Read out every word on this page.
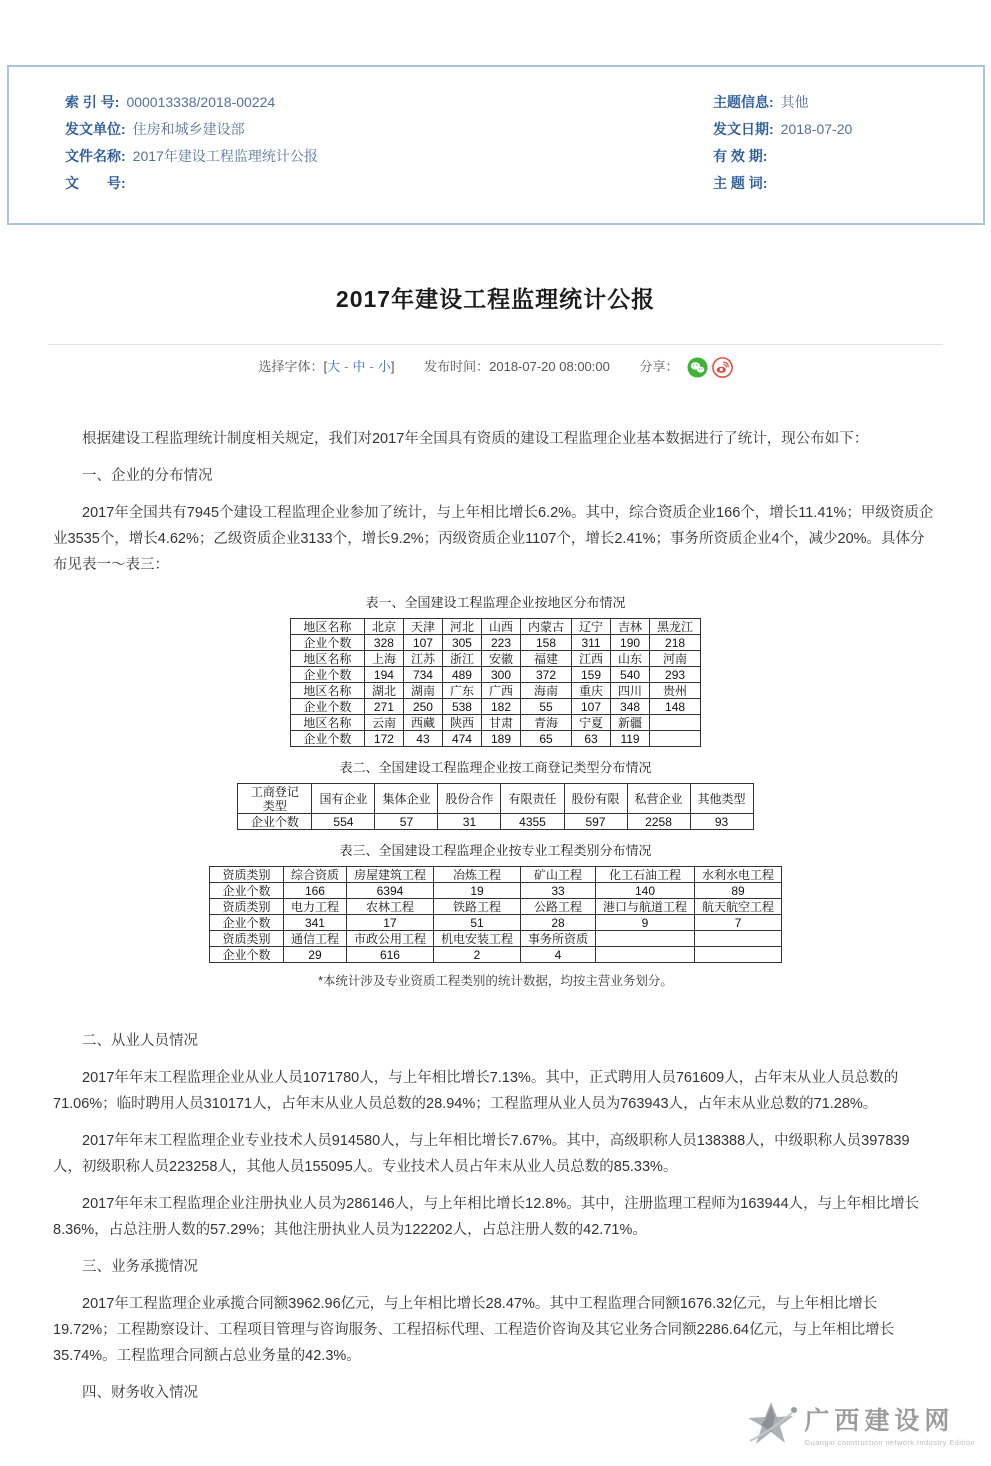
索 引 号: 000013338/2018-00224
发文单位: 住房和城乡建设部
文件名称: 2017年建设工程监理统计公报
文　　号:
主题信息: 其他
发文日期: 2018-07-20
有 效 期:
主 题 词:
2017年建设工程监理统计公报
选择字体：[大 - 中 - 小] 发布时间：2018-07-20 08:00:00 分享：

根据建设工程监理统计制度相关规定，我们对2017年全国具有资质的建设工程监理企业基本数据进行了统计，现公布如下：

一、企业的分布情况

2017年全国共有7945个建设工程监理企业参加了统计，与上年相比增长6.2%。其中，综合资质企业166个，增长11.41%；甲级资质企业3535个，增长4.62%；乙级资质企业3133个，增长9.2%；丙级资质企业1107个，增长2.41%；事务所资质企业4个，减少20%。具体分布见表一～表三：

表一、全国建设工程监理企业按地区分布情况
地区名称	北京	天津	河北	山西	内蒙古	辽宁	吉林	黑龙江
企业个数	328	107	305	223	158	311	190	218
地区名称	上海	江苏	浙江	安徽	福建	江西	山东	河南
企业个数	194	734	489	300	372	159	540	293
地区名称	湖北	湖南	广东	广西	海南	重庆	四川	贵州
企业个数	271	250	538	182	55	107	348	148
地区名称	云南	西藏	陕西	甘肃	青海	宁夏	新疆	
企业个数	172	43	474	189	65	63	119	
表二、全国建设工程监理企业按工商登记类型分布情况
工商登记类型	国有企业	集体企业	股份合作	有限责任	股份有限	私营企业	其他类型
企业个数	554	57	31	4355	597	2258	93
表三、全国建设工程监理企业按专业工程类别分布情况
资质类别	综合资质	房屋建筑工程	冶炼工程	矿山工程	化工石油工程	水利水电工程
企业个数	166	6394	19	33	140	89
资质类别	电力工程	农林工程	铁路工程	公路工程	港口与航道工程	航天航空工程
企业个数	341	17	51	28	9	7
资质类别	通信工程	市政公用工程	机电安装工程	事务所资质		
企业个数	29	616	2	4		
*本统计涉及专业资质工程类别的统计数据，均按主营业务划分。

二、从业人员情况

2017年年末工程监理企业从业人员1071780人，与上年相比增长7.13%。其中，正式聘用人员761609人，占年末从业人员总数的71.06%；临时聘用人员310171人，占年末从业人员总数的28.94%；工程监理从业人员为763943人，占年末从业总数的71.28%。

2017年年末工程监理企业专业技术人员914580人，与上年相比增长7.67%。其中，高级职称人员138388人，中级职称人员397839人，初级职称人员223258人，其他人员155095人。专业技术人员占年末从业人员总数的85.33%。

2017年年末工程监理企业注册执业人员为286146人，与上年相比增长12.8%。其中，注册监理工程师为163944人，与上年相比增长8.36%，占总注册人数的57.29%；其他注册执业人员为122202人，占总注册人数的42.71%。

三、业务承揽情况

2017年工程监理企业承揽合同额3962.96亿元，与上年相比增长28.47%。其中工程监理合同额1676.32亿元，与上年相比增长19.72%；工程勘察设计、工程项目管理与咨询服务、工程招标代理、工程造价咨询及其它业务合同额2286.64亿元，与上年相比增长35.74%。工程监理合同额占总业务量的42.3%。

四、财务收入情况

广西建设网
Guangxi construction network Industry Edition
